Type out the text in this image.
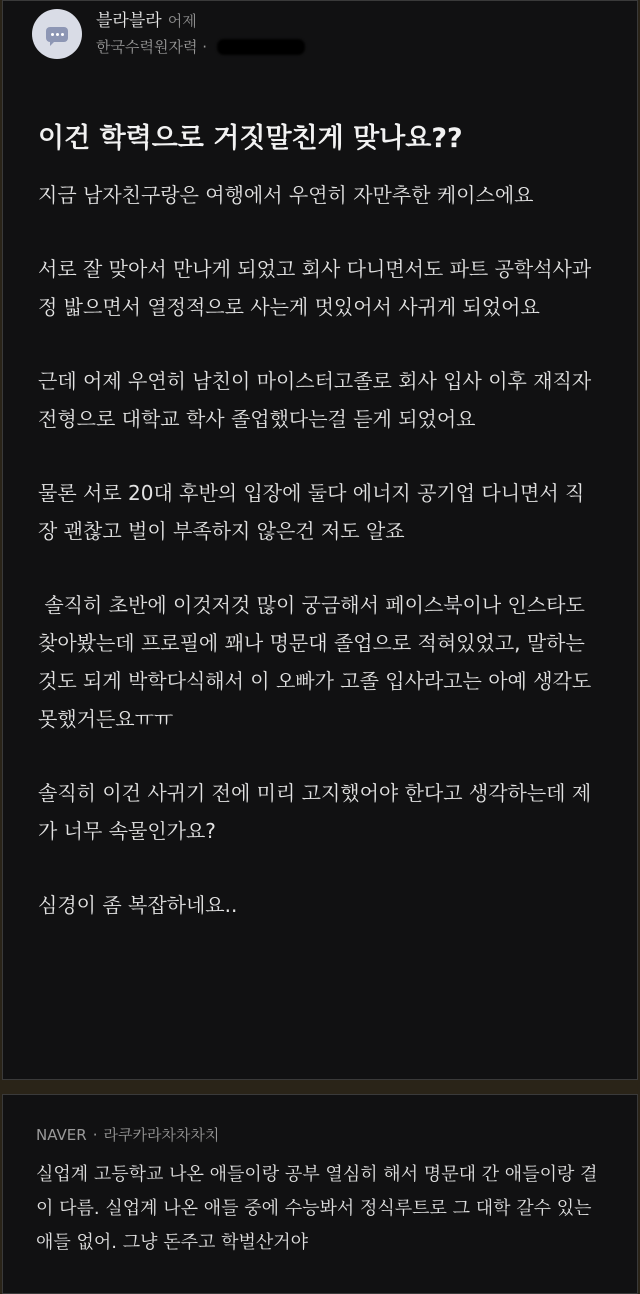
블라블라 어제
한국수력원자력 ·
이건 학력으로 거짓말친게 맞나요??

지금 남자친구랑은 여행에서 우연히 자만추한 케이스에요

서로 잘 맞아서 만나게 되었고 회사 다니면서도 파트 공학석사과정 밟으면서 열정적으로 사는게 멋있어서 사귀게 되었어요

근데 어제 우연히 남친이 마이스터고졸로 회사 입사 이후 재직자전형으로 대학교 학사 졸업했다는걸 듣게 되었어요

물론 서로 20대 후반의 입장에 둘다 에너지 공기업 다니면서 직장 괜찮고 벌이 부족하지 않은건 저도 알죠

솔직히 초반에 이것저것 많이 궁금해서 페이스북이나 인스타도 찾아봤는데 프로필에 꽤나 명문대 졸업으로 적혀있었고, 말하는 것도 되게 박학다식해서 이 오빠가 고졸 입사라고는 아예 생각도 못했거든요ㅠㅠ

솔직히 이건 사귀기 전에 미리 고지했어야 한다고 생각하는데 제가 너무 속물인가요?

심경이 좀 복잡하네요..

NAVER · 라쿠카라차차차치

실업계 고등학교 나온 애들이랑 공부 열심히 해서 명문대 간 애들이랑 결이 다름. 실업계 나온 애들 중에 수능봐서 정식루트로 그 대학 갈수 있는 애들 없어. 그냥 돈주고 학벌산거야
